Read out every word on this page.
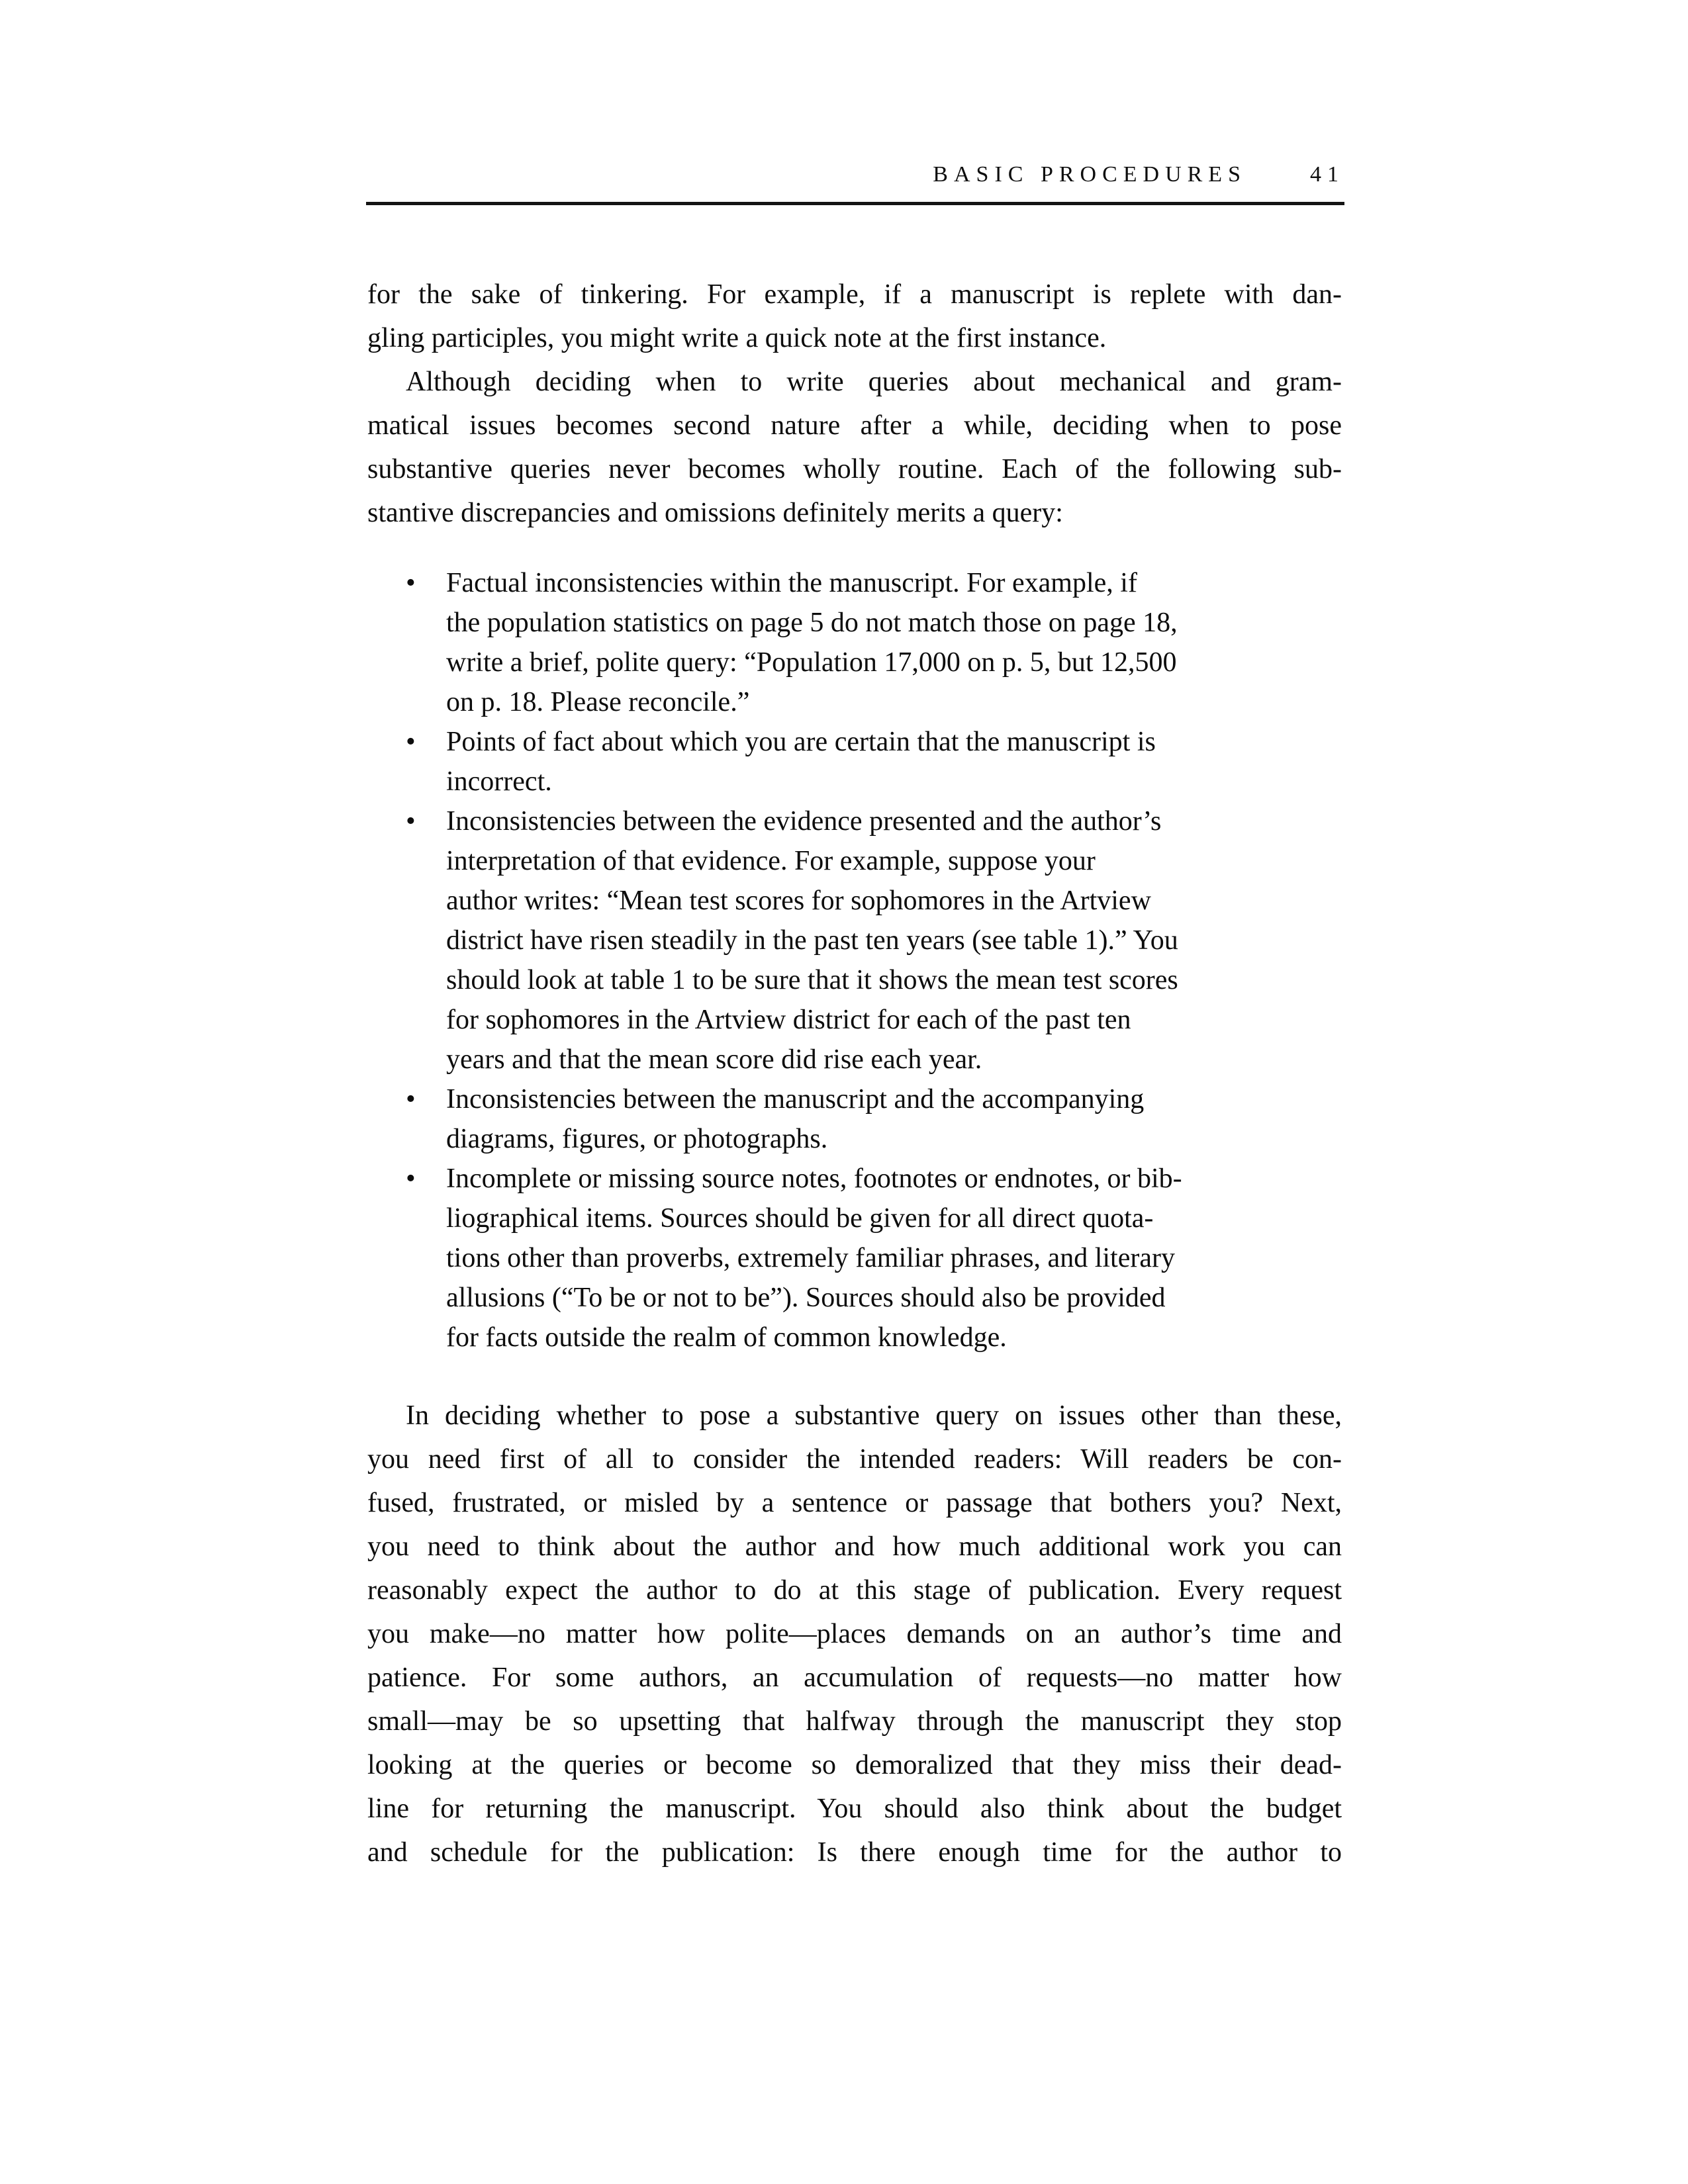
BASIC PROCEDURES	41
for the sake of tinkering. For example, if a manuscript is replete with dan-
gling participles, you might write a quick note at the first instance.
Although deciding when to write queries about mechanical and gram-
matical issues becomes second nature after a while, deciding when to pose
substantive queries never becomes wholly routine. Each of the following sub-
stantive discrepancies and omissions definitely merits a query:
• Factual inconsistencies within the manuscript. For example, if
the population statistics on page 5 do not match those on page 18,
write a brief, polite query: “Population 17,000 on p. 5, but 12,500
on p. 18. Please reconcile.”
• Points of fact about which you are certain that the manuscript is
incorrect.
• Inconsistencies between the evidence presented and the author’s
interpretation of that evidence. For example, suppose your
author writes: “Mean test scores for sophomores in the Artview
district have risen steadily in the past ten years (see table 1).” You
should look at table 1 to be sure that it shows the mean test scores
for sophomores in the Artview district for each of the past ten
years and that the mean score did rise each year.
• Inconsistencies between the manuscript and the accompanying
diagrams, figures, or photographs.
• Incomplete or missing source notes, footnotes or endnotes, or bib-
liographical items. Sources should be given for all direct quota-
tions other than proverbs, extremely familiar phrases, and literary
allusions (“To be or not to be”). Sources should also be provided
for facts outside the realm of common knowledge.
In deciding whether to pose a substantive query on issues other than these,
you need first of all to consider the intended readers: Will readers be con-
fused, frustrated, or misled by a sentence or passage that bothers you? Next,
you need to think about the author and how much additional work you can
reasonably expect the author to do at this stage of publication. Every request
you make—no matter how polite—places demands on an author’s time and
patience. For some authors, an accumulation of requests—no matter how
small—may be so upsetting that halfway through the manuscript they stop
looking at the queries or become so demoralized that they miss their dead-
line for returning the manuscript. You should also think about the budget
and schedule for the publication: Is there enough time for the author to
